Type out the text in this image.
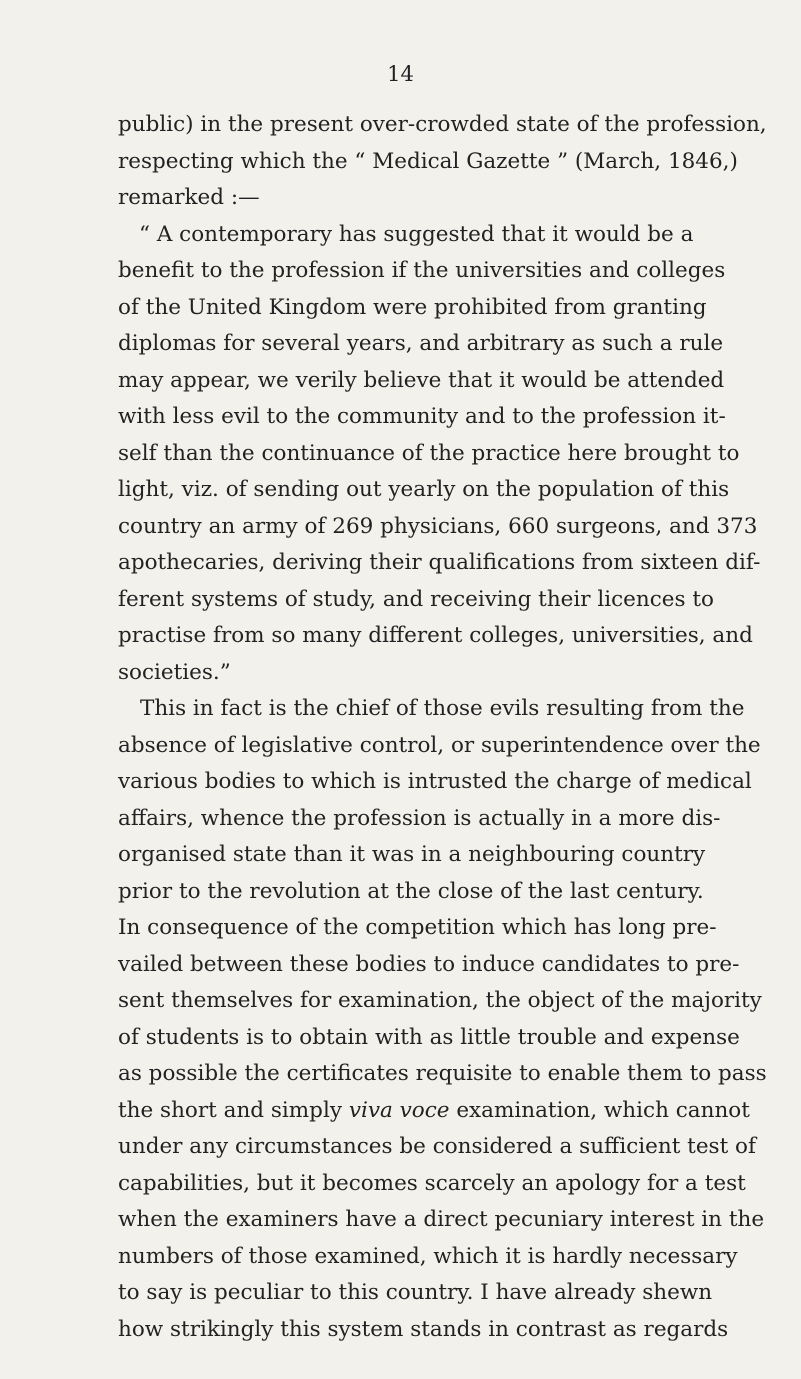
14
public) in the present over-crowded state of the profession,
respecting which the “ Medical Gazette ” (March, 1846,)
remarked :—
“ A contemporary has suggested that it would be a
benefit to the profession if the universities and colleges
of the United Kingdom were prohibited from granting
diplomas for several years, and arbitrary as such a rule
may appear, we verily believe that it would be attended
with less evil to the community and to the profession it-
self than the continuance of the practice here brought to
light, viz. of sending out yearly on the population of this
country an army of 269 physicians, 660 surgeons, and 373
apothecaries, deriving their qualifications from sixteen dif-
ferent systems of study, and receiving their licences to
practise from so many different colleges, universities, and
societies.”
This in fact is the chief of those evils resulting from the
absence of legislative control, or superintendence over the
various bodies to which is intrusted the charge of medical
affairs, whence the profession is actually in a more dis-
organised state than it was in a neighbouring country
prior to the revolution at the close of the last century.
In consequence of the competition which has long pre-
vailed between these bodies to induce candidates to pre-
sent themselves for examination, the object of the majority
of students is to obtain with as little trouble and expense
as possible the certificates requisite to enable them to pass
the short and simply viva voce examination, which cannot
under any circumstances be considered a sufficient test of
capabilities, but it becomes scarcely an apology for a test
when the examiners have a direct pecuniary interest in the
numbers of those examined, which it is hardly necessary
to say is peculiar to this country. I have already shewn
how strikingly this system stands in contrast as regards
